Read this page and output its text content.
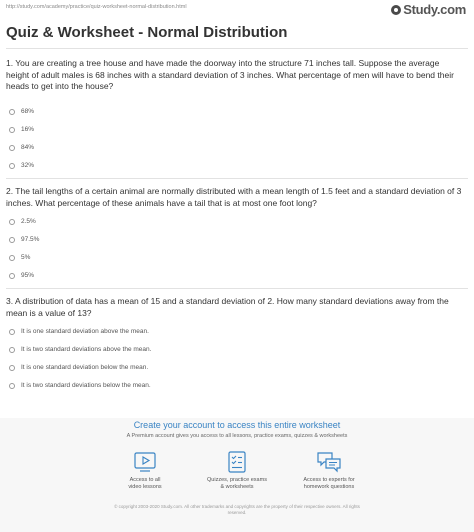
http://study.com/academy/practice/quiz-worksheet-normal-distribution.html	Study.com
Quiz & Worksheet - Normal Distribution

1. You are creating a tree house and have made the doorway into the structure 71 inches tall. Suppose the average height of adult males is 68 inches with a standard deviation of 3 inches. What percentage of men will have to bend their heads to get into the house?

68%
16%
84%
32%

2. The tail lengths of a certain animal are normally distributed with a mean length of 1.5 feet and a standard deviation of 3 inches. What percentage of these animals have a tail that is at most one foot long?

2.5%
97.5%
5%
95%

3. A distribution of data has a mean of 15 and a standard deviation of 2. How many standard deviations away from the mean is a value of 13?

It is one standard deviation above the mean.
It is two standard deviations above the mean.
It is one standard deviation below the mean.
It is two standard deviations below the mean.
Create your account to access this entire worksheet
A Premium account gives you access to all lessons, practice exams, quizzes & worksheets
Access to all
video lessons
Quizzes, practice exams
& worksheets
Access to experts for
homework questions
© copyright 2003-2020 Study.com. All other trademarks and copyrights are the property of their respective owners. All rights
reserved.
